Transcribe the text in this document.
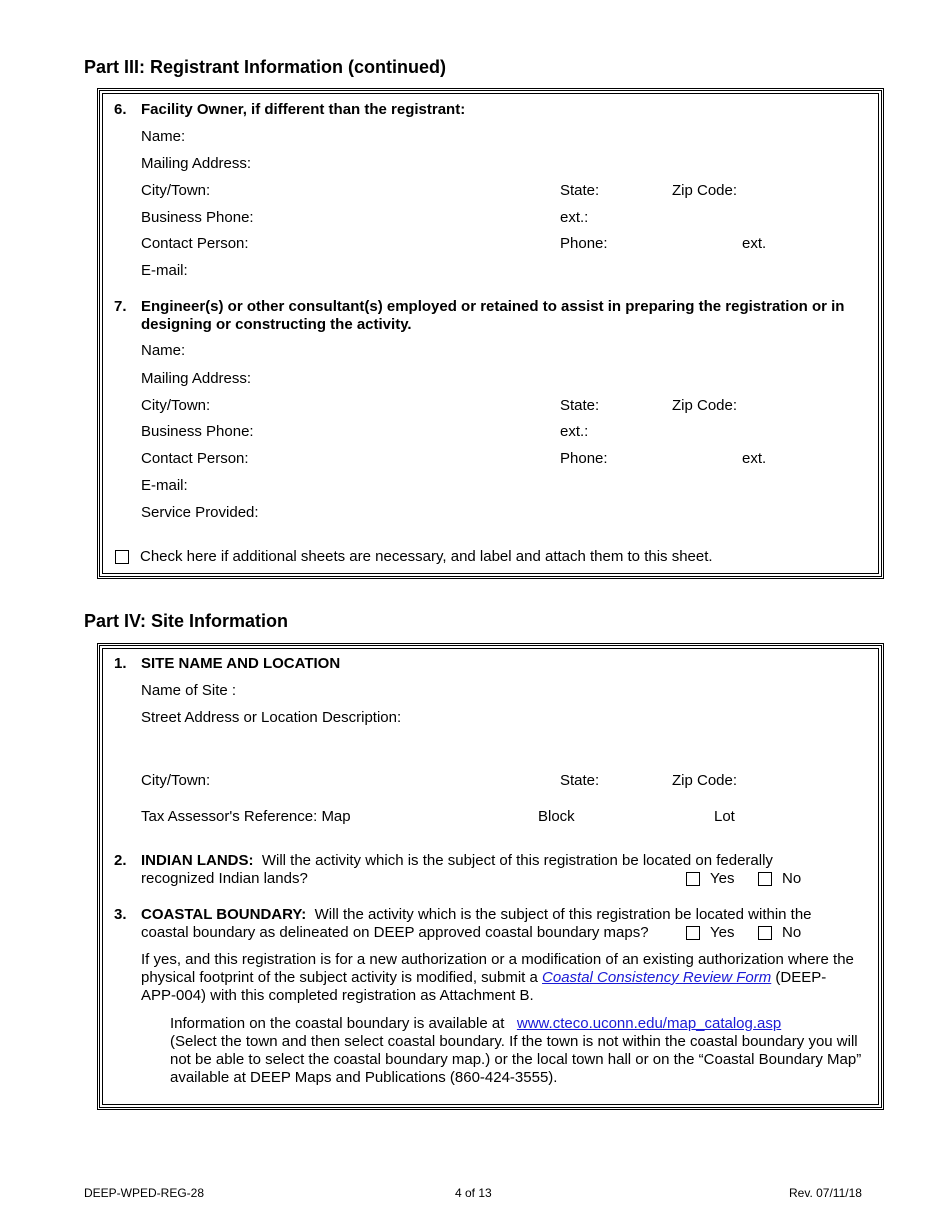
Part III: Registrant Information (continued)
6. Facility Owner, if different than the registrant:
Name:
Mailing Address:
City/Town:	State:	Zip Code:
Business Phone:	ext.:
Contact Person:	Phone:	ext.
E-mail:
7. Engineer(s) or other consultant(s) employed or retained to assist in preparing the registration or in designing or constructing the activity.
Name:
Mailing Address:
City/Town:	State:	Zip Code:
Business Phone:	ext.:
Contact Person:	Phone:	ext.
E-mail:
Service Provided:
Check here if additional sheets are necessary, and label and attach them to this sheet.
Part IV: Site Information
1. SITE NAME AND LOCATION
Name of Site :
Street Address or Location Description:
City/Town:	State:	Zip Code:
Tax Assessor's Reference: Map	Block	Lot
2. INDIAN LANDS: Will the activity which is the subject of this registration be located on federally
recognized Indian lands?	Yes	No
3. COASTAL BOUNDARY: Will the activity which is the subject of this registration be located within the
coastal boundary as delineated on DEEP approved coastal boundary maps?	Yes	No
If yes, and this registration is for a new authorization or a modification of an existing authorization where the physical footprint of the subject activity is modified, submit a Coastal Consistency Review Form (DEEP-APP-004) with this completed registration as Attachment B.
Information on the coastal boundary is available at www.cteco.uconn.edu/map_catalog.asp
(Select the town and then select coastal boundary. If the town is not within the coastal boundary you will not be able to select the coastal boundary map.) or the local town hall or on the “Coastal Boundary Map” available at DEEP Maps and Publications (860-424-3555).
DEEP-WPED-REG-28	4 of 13	Rev. 07/11/18
